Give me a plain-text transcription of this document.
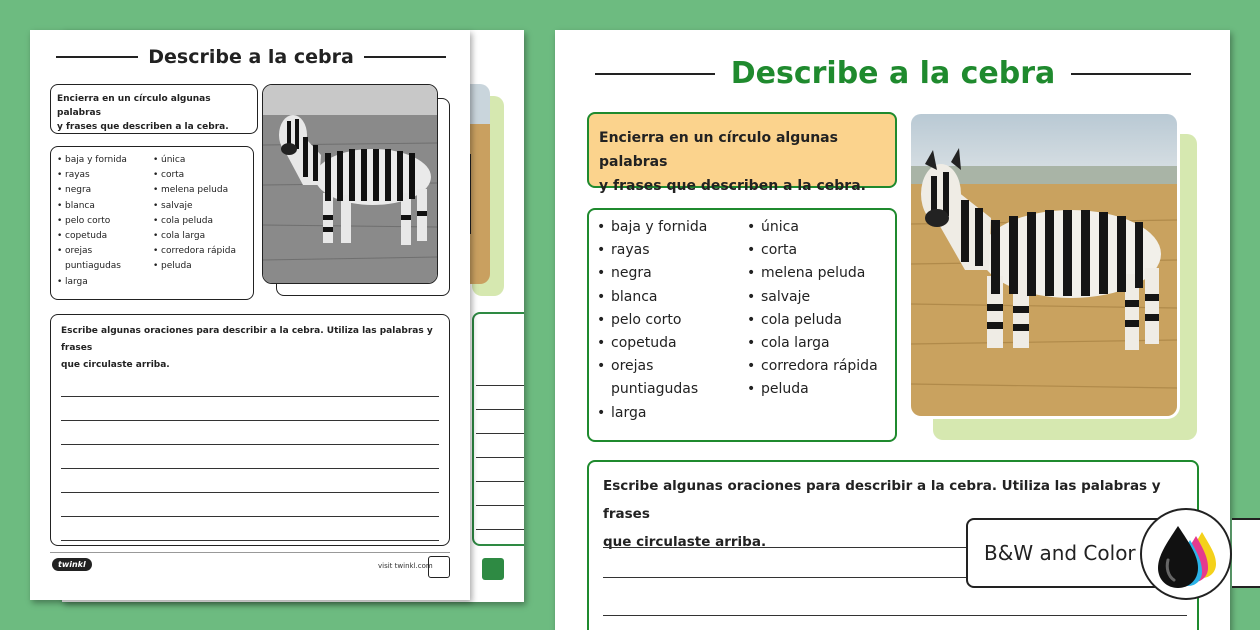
Describe a la cebra
Encierra en un círculo algunas palabras
y frases que describen a la cebra.
• baja y fornida
• rayas
• negra
• blanca
• pelo corto
• copetuda
• orejas
puntiagudas
• larga
• única
• corta
• melena peluda
• salvaje
• cola peluda
• cola larga
• corredora rápida
• peluda
Escribe algunas oraciones para describir a la cebra. Utiliza las palabras y frases
que circulaste arriba.
twinkl	visit twinkl.com
Describe a la cebra
Encierra en un círculo algunas palabras
y frases que describen a la cebra.
• baja y fornida
• rayas
• negra
• blanca
• pelo corto
• copetuda
• orejas
puntiagudas
• larga
• única
• corta
• melena peluda
• salvaje
• cola peluda
• cola larga
• corredora rápida
• peluda
Escribe algunas oraciones para describir a la cebra. Utiliza las palabras y frases
que circulaste arriba.	B&W and Color
